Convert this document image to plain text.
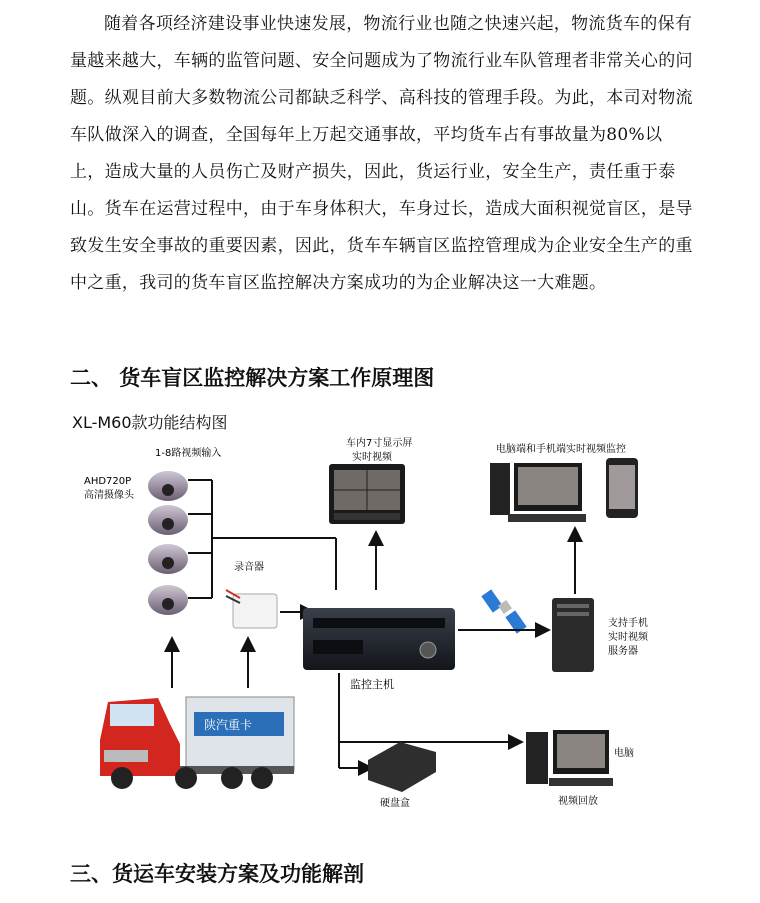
随着各项经济建设事业快速发展，物流行业也随之快速兴起，物流货车的保有量越来越大，车辆的监管问题、安全问题成为了物流行业车队管理者非常关心的问题。纵观目前大多数物流公司都缺乏科学、高科技的管理手段。为此，本司对物流车队做深入的调查，全国每年上万起交通事故，平均货车占有事故量为80%以上，造成大量的人员伤亡及财产损失，因此，货运行业，安全生产，责任重于泰山。货车在运营过程中，由于车身体积大，车身过长，造成大面积视觉盲区，是导致发生安全事故的重要因素，因此，货车车辆盲区监控管理成为企业安全生产的重中之重，我司的货车盲区监控解决方案成功的为企业解决这一大难题。

二、 货车盲区监控解决方案工作原理图
XL-M60款功能结构图
1-8路视频输入
AHD720P
高清摄像头
车内7寸显示屏
实时视频
录音器
监控主机
支持手机
实时视频
服务器
电脑端和手机端实时视频监控
硬盘盒
电脑
视频回放
陕汽重卡
三、货运车安装方案及功能解剖
